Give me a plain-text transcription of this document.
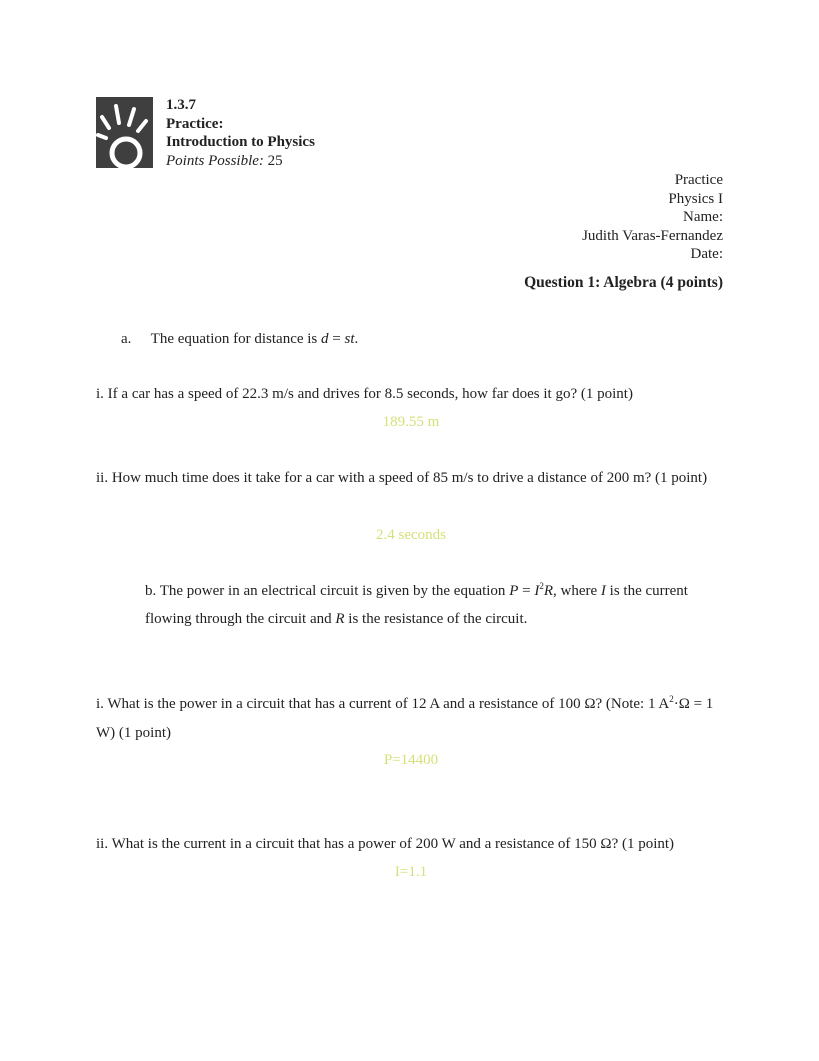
1.3.7
Practice:
Introduction to Physics
Points Possible: 25
Practice
Physics I
Name:
Judith Varas-Fernandez
Date:
Question 1: Algebra (4 points)
a. The equation for distance is d = st.
i. If a car has a speed of 22.3 m/s and drives for 8.5 seconds, how far does it go? (1 point)
189.55 m
ii. How much time does it take for a car with a speed of 85 m/s to drive a distance of 200 m? (1 point)
2.4 seconds
b. The power in an electrical circuit is given by the equation $P = I^2R$, where I is the current flowing through the circuit and R is the resistance of the circuit.
i. What is the power in a circuit that has a current of 12 A and a resistance of 100 Ω? (Note: 1 $A^2\cdot\Omega = 1$ W) (1 point)
P=14400
ii. What is the current in a circuit that has a power of 200 W and a resistance of 150 Ω? (1 point)
I=1.1
